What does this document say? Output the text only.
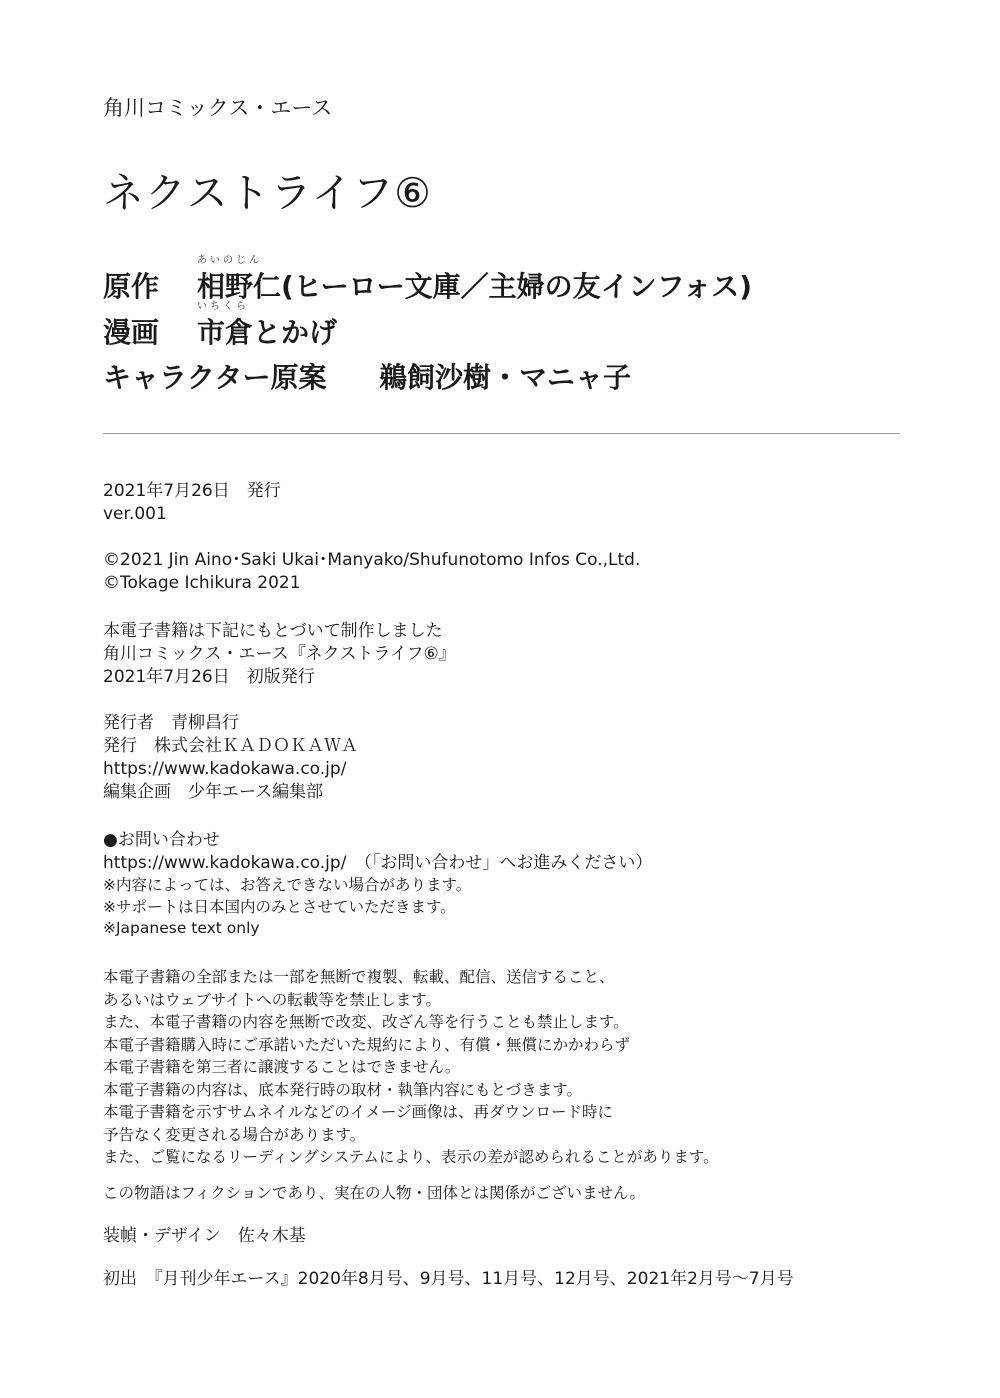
角川コミックス・エース
ネクストライフ⑥
原作
あいのじん
相野仁(ヒーロー文庫／主婦の友インフォス)
漫画
いちくら
市倉とかげ
キャラクター原案 鵜飼沙樹・マニャ子
2021年7月26日　発行
ver.001
©2021 Jin Aino･Saki Ukai･Manyako/Shufunotomo Infos Co.,Ltd.
©Tokage Ichikura 2021
本電子書籍は下記にもとづいて制作しました
角川コミックス・エース『ネクストライフ⑥』
2021年7月26日　初版発行
発行者　青柳昌行
発行　株式会社ＫＡＤＯＫＡＷＡ
https://www.kadokawa.co.jp/
編集企画　少年エース編集部
●お問い合わせ
https://www.kadokawa.co.jp/　（「お問い合わせ」へお進みください）
※内容によっては、お答えできない場合があります。
※サポートは日本国内のみとさせていただきます。
※Japanese text only
本電子書籍の全部または一部を無断で複製、転載、配信、送信すること、
あるいはウェブサイトへの転載等を禁止します。
また、本電子書籍の内容を無断で改変、改ざん等を行うことも禁止します。
本電子書籍購入時にご承諾いただいた規約により、有償・無償にかかわらず
本電子書籍を第三者に譲渡することはできません。
本電子書籍の内容は、底本発行時の取材・執筆内容にもとづきます。
本電子書籍を示すサムネイルなどのイメージ画像は、再ダウンロード時に
予告なく変更される場合があります。
また、ご覧になるリーディングシステムにより、表示の差が認められることがあります。
この物語はフィクションであり、実在の人物・団体とは関係がございません。
装幀・デザイン　佐々木基
初出　『月刊少年エース』2020年8月号、9月号、11月号、12月号、2021年2月号〜7月号
